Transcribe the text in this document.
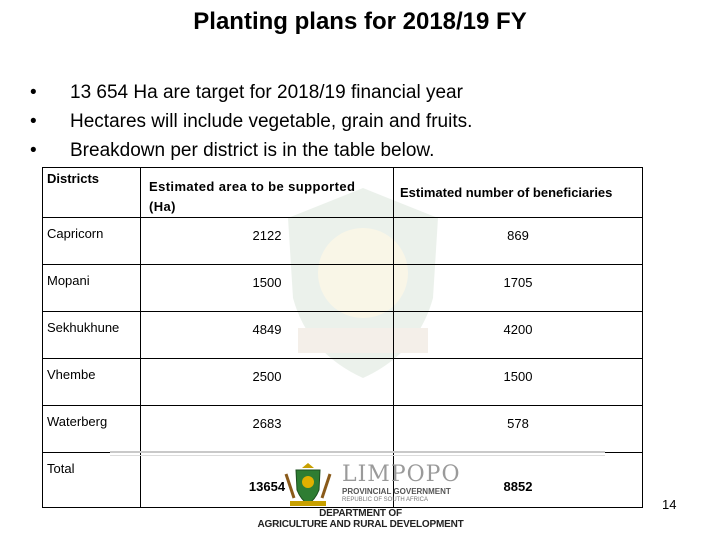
Planting plans for 2018/19 FY
• 13 654 Ha are target for 2018/19 financial year
• Hectares will include vegetable, grain and fruits.
• Breakdown per district is in the table below.
Districts	Estimated area to be supported (Ha)	Estimated number of beneficiaries
Capricorn	2122	869
Mopani	1500	1705
Sekhukhune	4849	4200
Vhembe	2500	1500
Waterberg	2683	578
Total	13654	8852
LIMPOPO
PROVINCIAL GOVERNMENT
REPUBLIC OF SOUTH AFRICA
DEPARTMENT OF
AGRICULTURE AND RURAL DEVELOPMENT
14
